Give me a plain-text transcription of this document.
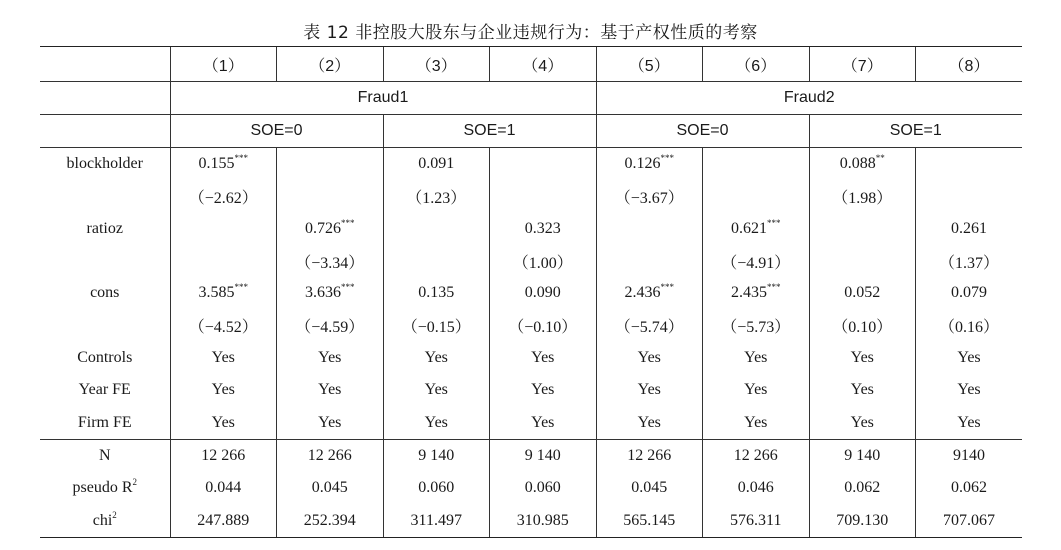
表 12 非控股大股东与企业违规行为：基于产权性质的考察
	（1）	（2）	（3）	（4）	（5）	（6）	（7）	（8）
	Fraud1				Fraud2			
	SOE=0		SOE=1		SOE=0		SOE=1	
blockholder	0.155***		0.091		0.126***		0.088**	
	（−2.62）		（1.23）		（−3.67）		（1.98）	
ratioz		0.726***		0.323		0.621***		0.261
		（−3.34）		（1.00）		（−4.91）		（1.37）
cons	3.585***	3.636***	0.135	0.090	2.436***	2.435***	0.052	0.079
	（−4.52）	（−4.59）	（−0.15）	（−0.10）	（−5.74）	（−5.73）	（0.10）	（0.16）
Controls	Yes	Yes	Yes	Yes	Yes	Yes	Yes	Yes
Year FE	Yes	Yes	Yes	Yes	Yes	Yes	Yes	Yes
Firm FE	Yes	Yes	Yes	Yes	Yes	Yes	Yes	Yes
N	12 266	12 266	9 140	9 140	12 266	12 266	9 140	9140
pseudo $R^2$	0.044	0.045	0.060	0.060	0.045	0.046	0.062	0.062
chi$^2$	247.889	252.394	311.497	310.985	565.145	576.311	709.130	707.067
